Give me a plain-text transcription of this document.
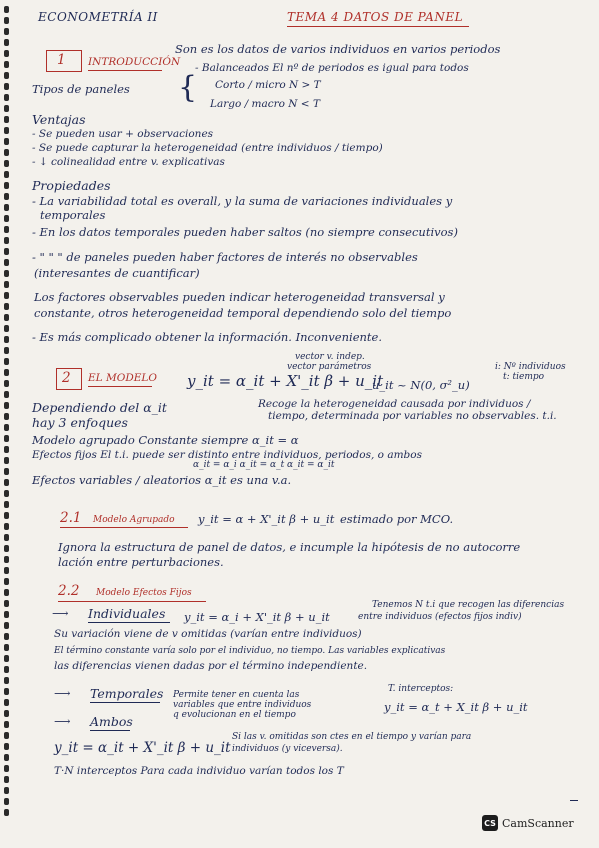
ECONOMETRÍA II	TEMA 4 DATOS DE PANEL
1 INTRODUCCIÓN
Son es los datos de varios individuos en varios periodos
Tipos de paneles {
- Balanceados El nº de periodos es igual para todos
Corto / micro N > T
Largo / macro N < T
Ventajas
- Se pueden usar + observaciones
- Se puede capturar la heterogeneidad (entre individuos / tiempo)
- ↓ colinealidad entre v. explicativas
Propiedades
- La variabilidad total es overall, y la suma de variaciones individuales y
temporales
- En los datos temporales pueden haber saltos (no siempre consecutivos)
- " " " de paneles pueden haber factores de interés no observables
(interesantes de cuantificar)
Los factores observables pueden indicar heterogeneidad transversal y
constante, otros heterogeneidad temporal dependiendo solo del tiempo
- Es más complicado obtener la información. Inconveniente.
2 EL MODELO
vector v. indep.
vector parámetros
y_it = α_it + X'_it β + u_it
u_it ~ N(0, σ²_u)
i: Nº individuos
t: tiempo
Recoge la heterogeneidad causada por individuos /
tiempo, determinada por variables no observables. t.i.
Dependiendo del α_it
hay 3 enfoques
Modelo agrupado Constante siempre α_it = α
α_it = α_i α_it = α_t α_it = α_it
Efectos fijos El t.i. puede ser distinto entre individuos, periodos, o ambos
Efectos variables / aleatorios α_it es una v.a.
2.1 Modelo Agrupado y_it = α + X'_it β + u_it estimado por MCO.
Ignora la estructura de panel de datos, e incumple la hipótesis de no autocorre
lación entre perturbaciones.
2.2 Modelo Efectos Fijos
⟶ Individuales y_it = α_i + X'_it β + u_it
Tenemos N t.i que recogen las diferencias
entre individuos (efectos fijos indiv)
Su variación viene de v omitidas (varían entre individuos)
El término constante varía solo por el individuo, no tiempo. Las variables explicativas
las diferencias vienen dadas por el término independiente.
⟶ Temporales Permite tener en cuenta las
variables que entre individuos
q evolucionan en el tiempo
T. interceptos:
y_it = α_t + X_it β + u_it
⟶ Ambos
y_it = α_it + X'_it β + u_it
Si las v. omitidas son ctes en el tiempo y varían para
individuos (y viceversa).
T·N interceptos Para cada individuo varían todos los T
CS CamScanner
